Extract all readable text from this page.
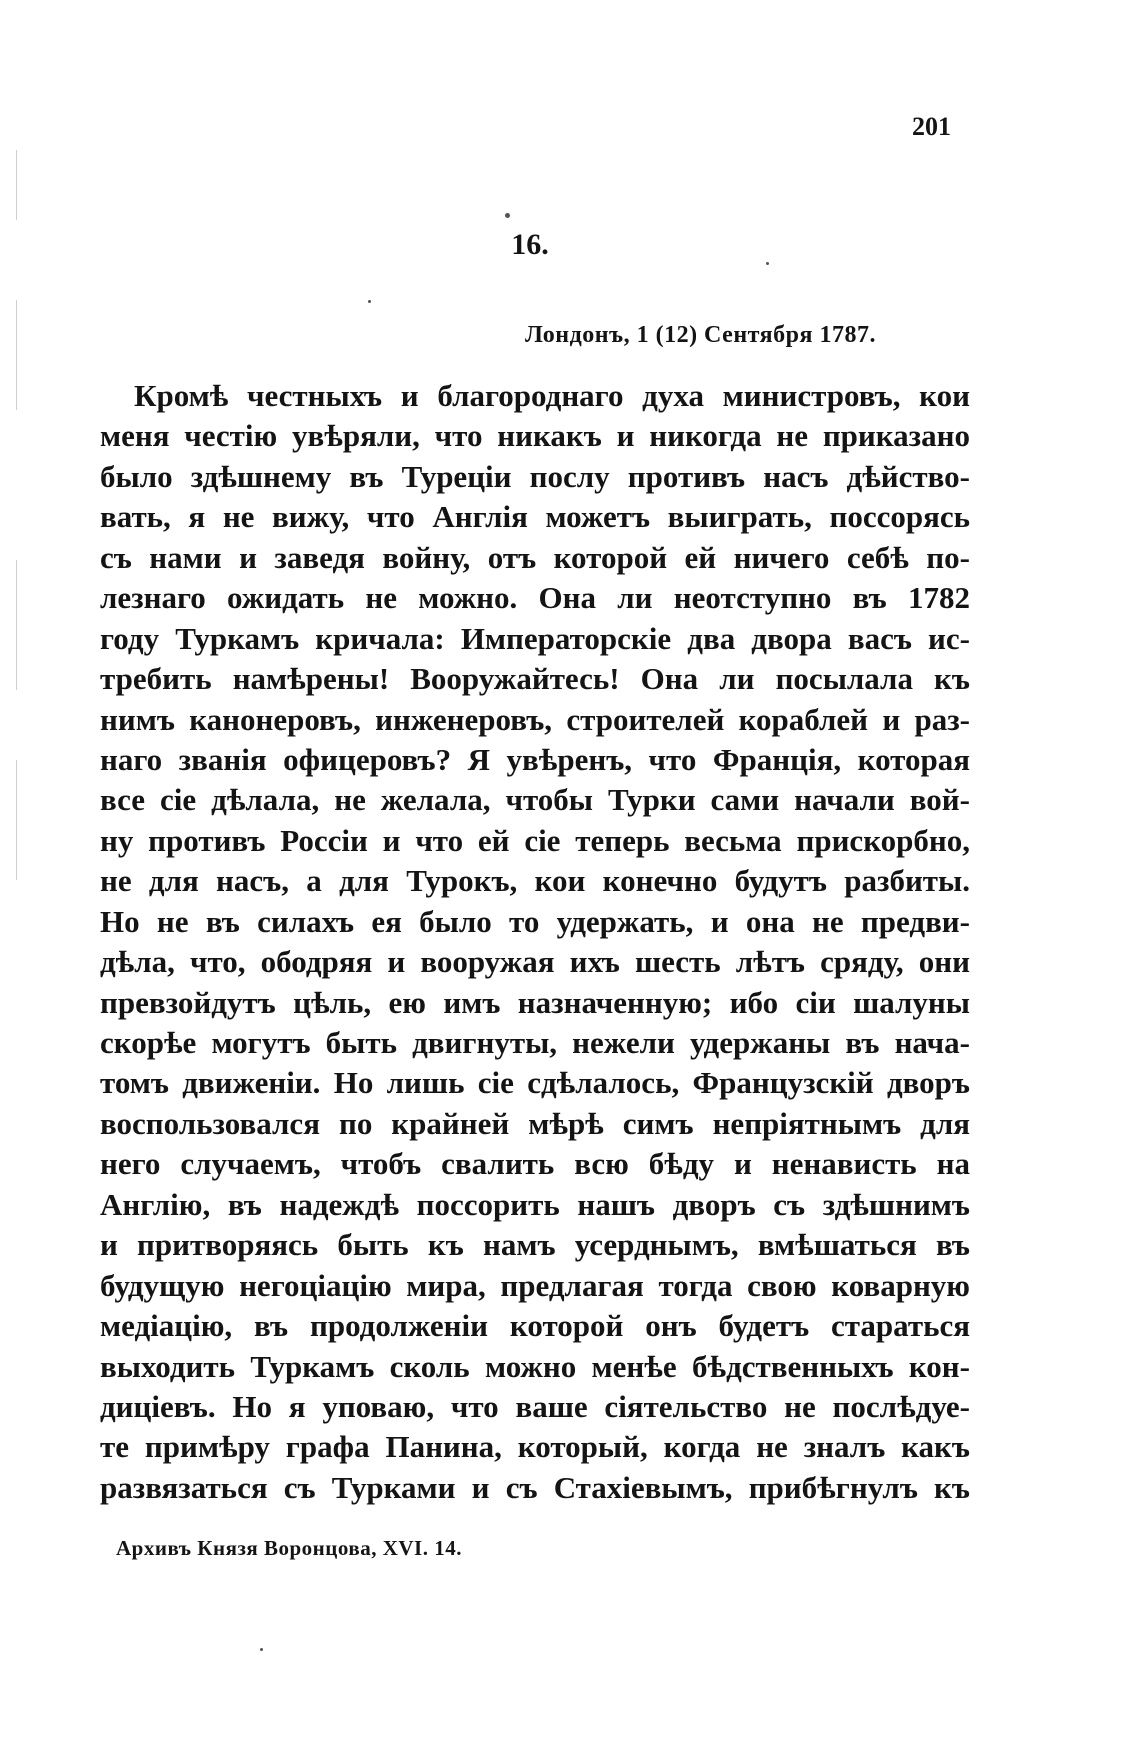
201
16.
Лондонъ, 1 (12) Сентября 1787.
Кромѣ честныхъ и благороднаго духа министровъ, кои
меня честію увѣряли, что никакъ и никогда не приказано
было здѣшнему въ Турецiи послу противъ насъ дѣйство-
вать, я не вижу, что Англія можетъ выиграть, поссорясь
съ нами и заведя войну, отъ которой ей ничего себѣ по-
лезнаго ожидать не можно. Она ли неотступно въ 1782
году Туркамъ кричала: Императорскіе два двора васъ ис-
требить намѣрены! Вооружайтесь! Она ли посылала къ
нимъ канонеровъ, инженеровъ, строителей кораблей и раз-
наго званія офицеровъ? Я увѣренъ, что Франція, которая
все сіе дѣлала, не желала, чтобы Турки сами начали вой-
ну противъ Россіи и что ей сіе теперь весьма прискорбно,
не для насъ, а для Турокъ, кои конечно будутъ разбиты.
Но не въ силахъ ея было то удержать, и она не предви-
дѣла, что, ободряя и вооружая ихъ шесть лѣтъ сряду, они
превзойдутъ цѣль, ею имъ назначенную; ибо сіи шалуны
скорѣе могутъ быть двигнуты, нежели удержаны въ нача-
томъ движеніи. Но лишь сіе сдѣлалось, Французскій дворъ
воспользовался по крайней мѣрѣ симъ непріятнымъ для
него случаемъ, чтобъ свалить всю бѣду и ненависть на
Англію, въ надеждѣ поссорить нашъ дворъ съ здѣшнимъ
и притворяясь быть къ намъ усерднымъ, вмѣшаться въ
будущую негоціацію мира, предлагая тогда свою коварную
медіацію, въ продолженіи которой онъ будетъ стараться
выходить Туркамъ сколь можно менѣе бѣдственныхъ кон-
дицiевъ. Но я уповаю, что ваше сіятельство не послѣдуе-
те примѣру графа Панина, который, когда не зналъ какъ
развязаться съ Турками и съ Стахіевымъ, прибѣгнулъ къ
Архивъ Князя Воронцова, XVI. 14.
